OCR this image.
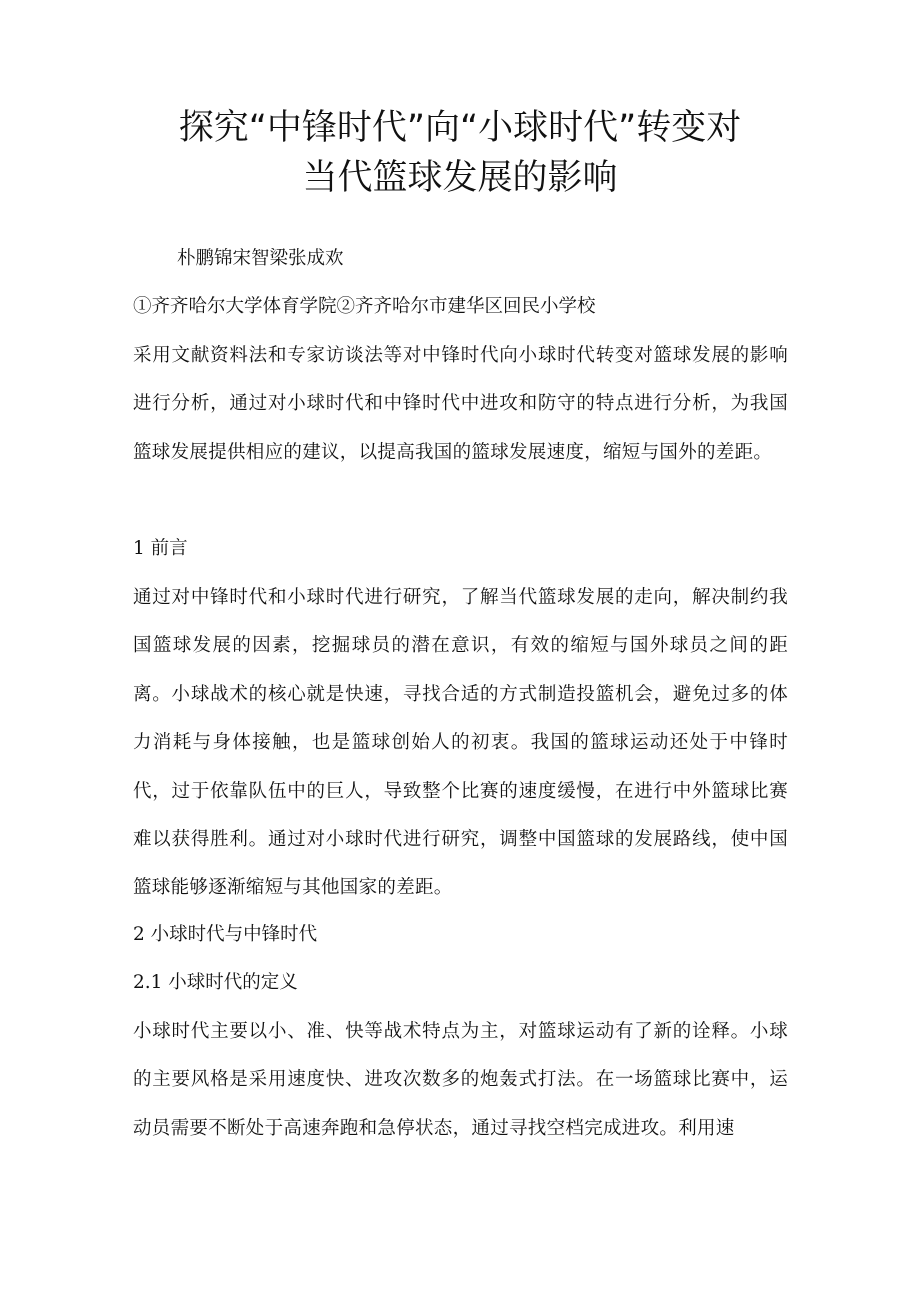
探究“中锋时代”向“小球时代”转变对
当代篮球发展的影响
朴鹏锦宋智梁张成欢
①齐齐哈尔大学体育学院②齐齐哈尔市建华区回民小学校

采用文献资料法和专家访谈法等对中锋时代向小球时代转变对篮球发展的影响进行分析，通过对小球时代和中锋时代中进攻和防守的特点进行分析，为我国篮球发展提供相应的建议，以提高我国的篮球发展速度，缩短与国外的差距。

1 前言

通过对中锋时代和小球时代进行研究，了解当代篮球发展的走向，解决制约我国篮球发展的因素，挖掘球员的潜在意识，有效的缩短与国外球员之间的距离。小球战术的核心就是快速，寻找合适的方式制造投篮机会，避免过多的体力消耗与身体接触，也是篮球创始人的初衷。我国的篮球运动还处于中锋时代，过于依靠队伍中的巨人，导致整个比赛的速度缓慢，在进行中外篮球比赛难以获得胜利。通过对小球时代进行研究，调整中国篮球的发展路线，使中国篮球能够逐渐缩短与其他国家的差距。

2 小球时代与中锋时代
2.1 小球时代的定义

小球时代主要以小、准、快等战术特点为主，对篮球运动有了新的诠释。小球的主要风格是采用速度快、进攻次数多的炮轰式打法。在一场篮球比赛中，运动员需要不断处于高速奔跑和急停状态，通过寻找空档完成进攻。利用速
